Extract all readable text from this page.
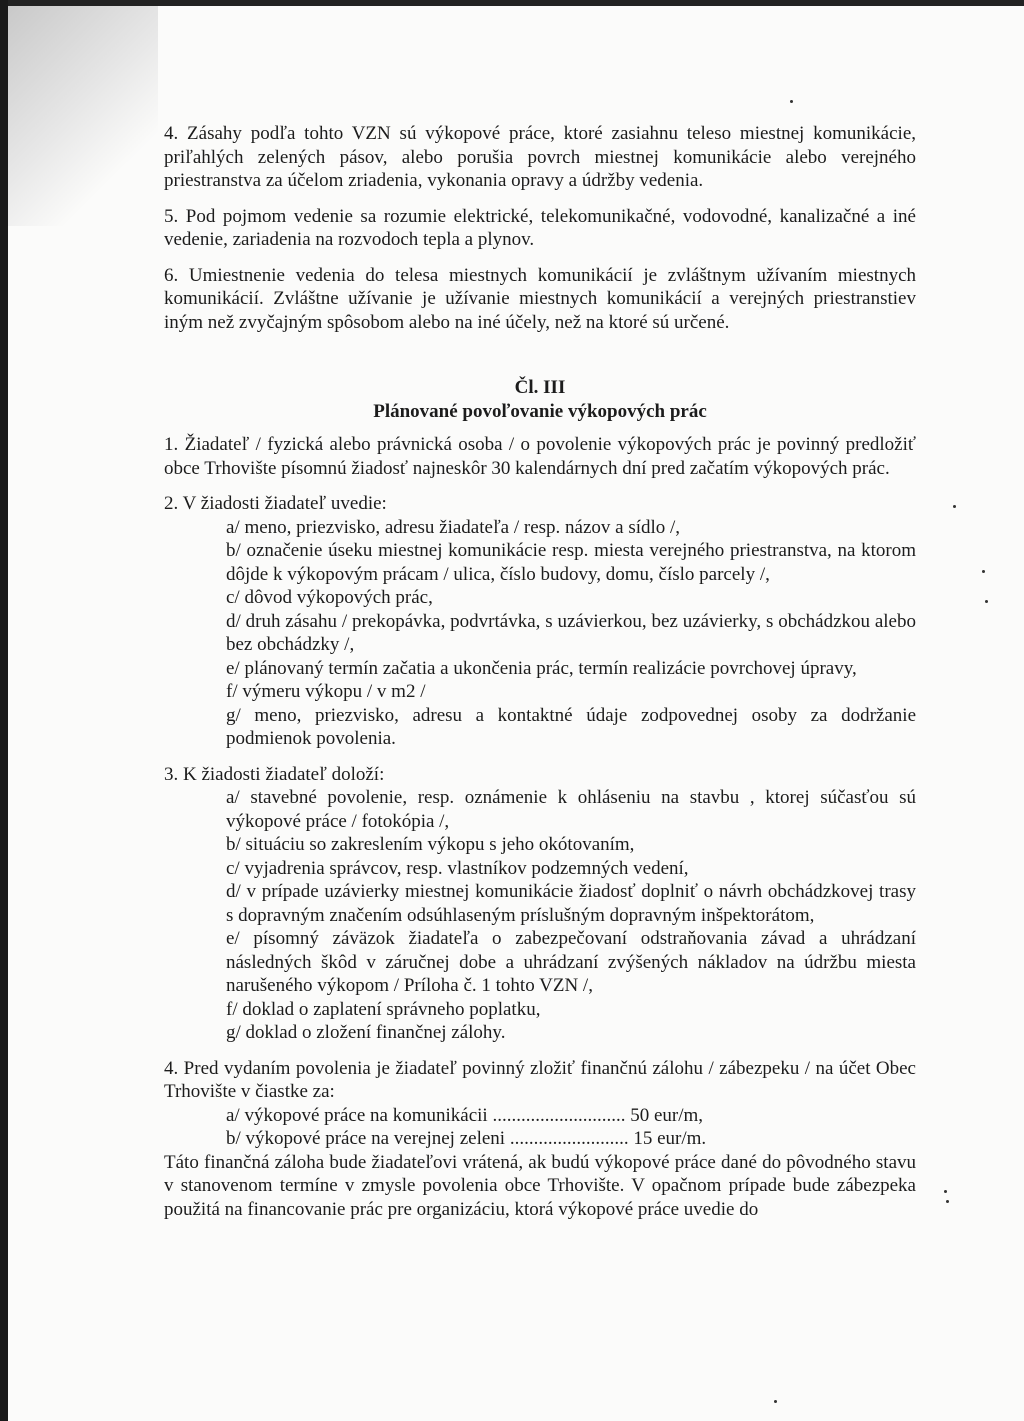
4. Zásahy podľa tohto VZN sú výkopové práce, ktoré zasiahnu teleso miestnej komunikácie, priľahlých zelených pásov, alebo porušia povrch miestnej komunikácie alebo verejného priestranstva za účelom zriadenia, vykonania opravy a údržby vedenia.

5. Pod pojmom vedenie sa rozumie elektrické, telekomunikačné, vodovodné, kanalizačné a iné vedenie, zariadenia na rozvodoch tepla a plynov.

6. Umiestnenie vedenia do telesa miestnych komunikácií je zvláštnym užívaním miestnych komunikácií. Zvláštne užívanie je užívanie miestnych komunikácií a verejných priestranstiev iným než zvyčajným spôsobom alebo na iné účely, než na ktoré sú určené.

Čl. III

Plánované povoľovanie výkopových prác

1. Žiadateľ / fyzická alebo právnická osoba / o povolenie výkopových prác je povinný predložiť obce Trhovište písomnú žiadosť najneskôr 30 kalendárnych dní pred začatím výkopových prác.

2. V žiadosti žiadateľ uvedie:

a/ meno, priezvisko, adresu žiadateľa / resp. názov a sídlo /,
b/ označenie úseku miestnej komunikácie resp. miesta verejného priestranstva, na ktorom dôjde k výkopovým prácam / ulica, číslo budovy, domu, číslo parcely /,
c/ dôvod výkopových prác,
d/ druh zásahu / prekopávka, podvrtávka, s uzávierkou, bez uzávierky, s obchádzkou alebo bez obchádzky /,
e/ plánovaný termín začatia a ukončenia prác, termín realizácie povrchovej úpravy,
f/ výmeru výkopu / v m2 /
g/ meno, priezvisko, adresu a kontaktné údaje zodpovednej osoby za dodržanie podmienok povolenia.

3. K žiadosti žiadateľ doloží:

a/ stavebné povolenie, resp. oznámenie k ohláseniu na stavbu , ktorej súčasťou sú výkopové práce / fotokópia /,
b/ situáciu so zakreslením výkopu s jeho okótovaním,
c/ vyjadrenia správcov, resp. vlastníkov podzemných vedení,
d/ v prípade uzávierky miestnej komunikácie žiadosť doplniť o návrh obchádzkovej trasy s dopravným značením odsúhlaseným príslušným dopravným inšpektorátom,
e/ písomný záväzok žiadateľa o zabezpečovaní odstraňovania závad a uhrádzaní následných škôd v záručnej dobe a uhrádzaní zvýšených nákladov na údržbu miesta narušeného výkopom / Príloha č. 1 tohto VZN /,
f/ doklad o zaplatení správneho poplatku,
g/ doklad o zložení finančnej zálohy.

4. Pred vydaním povolenia je žiadateľ povinný zložiť finančnú zálohu / zábezpeku / na účet Obec Trhovište v čiastke za:

a/ výkopové práce na komunikácii ............................ 50 eur/m,
b/ výkopové práce na verejnej zeleni ......................... 15 eur/m.

Táto finančná záloha bude žiadateľovi vrátená, ak budú výkopové práce dané do pôvodného stavu v stanovenom termíne v zmysle povolenia obce Trhovište. V opačnom prípade bude zábezpeka použitá na financovanie prác pre organizáciu, ktorá výkopové práce uvedie do
